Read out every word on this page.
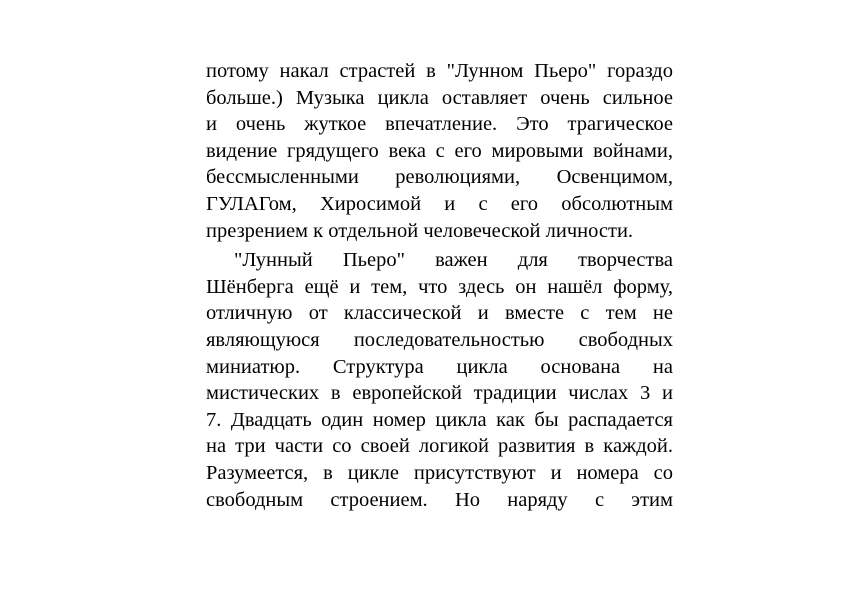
потому накал страстей в "Лунном Пьеро" гораздо
больше.) Музыка цикла оставляет очень сильное
и очень жуткое впечатление. Это трагическое
видение грядущего века с его мировыми войнами,
бессмысленными революциями, Освенцимом,
ГУЛАГом, Хиросимой и с его обсолютным
презрением к отдельной человеческой личности.
"Лунный Пьеро" важен для творчества
Шёнберга ещё и тем, что здесь он нашёл форму,
отличную от классической и вместе с тем не
являющуюся последовательностью свободных
миниатюр. Структура цикла основана на
мистических в европейской традиции числах 3 и
7. Двадцать один номер цикла как бы распадается
на три части со своей логикой развития в каждой.
Разумеется, в цикле присутствуют и номера со
свободным строением. Но наряду с этим
